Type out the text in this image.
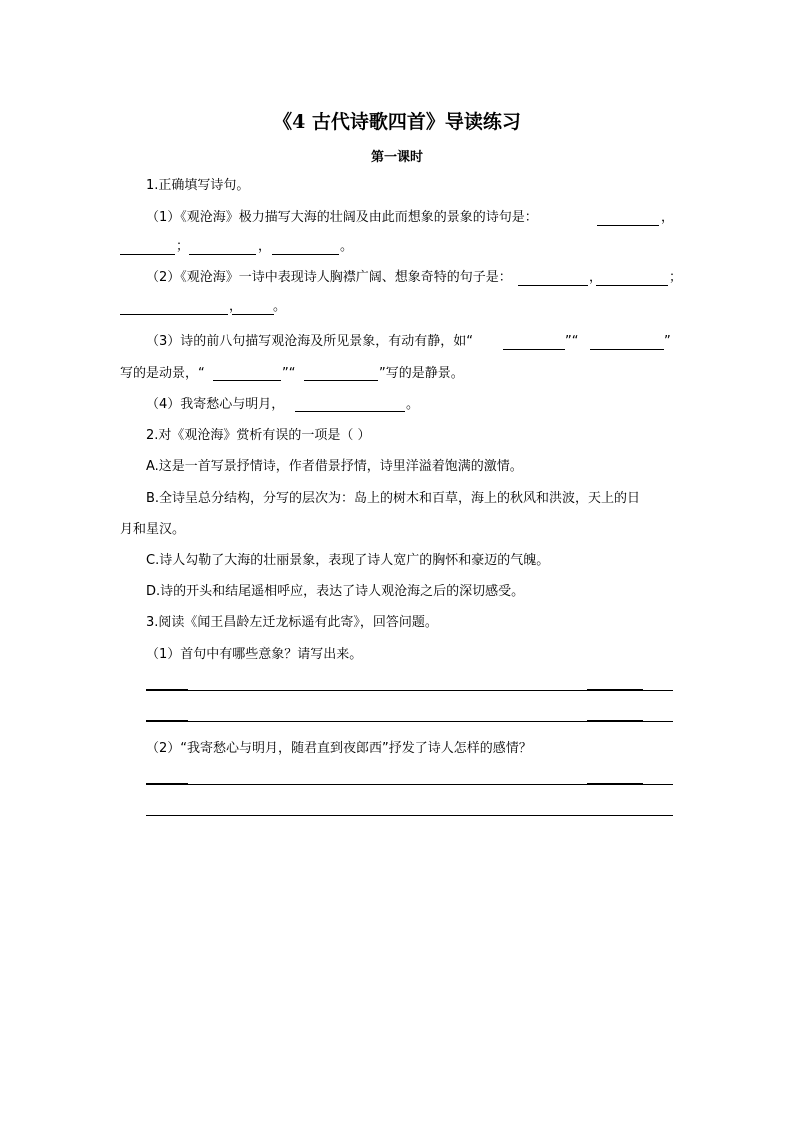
《4 古代诗歌四首》导读练习
第一课时
1.正确填写诗句。
（1）《观沧海》极力描写大海的壮阔及由此而想象的景象的诗句是：	，
；	，	。
（2）《观沧海》一诗中表现诗人胸襟广阔、想象奇特的句子是：	，	；
， 。
（3）诗的前八句描写观沧海及所见景象，有动有静，如“	”“	”
写的是动景，“	”“	”写的是静景。
（4）我寄愁心与明月，	。
2.对《观沧海》赏析有误的一项是（ ）
A.这是一首写景抒情诗，作者借景抒情，诗里洋溢着饱满的激情。
B.全诗呈总分结构，分写的层次为：岛上的树木和百草，海上的秋风和洪波，天上的日
月和星汉。
C.诗人勾勒了大海的壮丽景象，表现了诗人宽广的胸怀和豪迈的气魄。
D.诗的开头和结尾遥相呼应，表达了诗人观沧海之后的深切感受。
3.阅读《闻王昌龄左迁龙标遥有此寄》，回答问题。
（1）首句中有哪些意象？请写出来。
（2）“我寄愁心与明月，随君直到夜郎西”抒发了诗人怎样的感情？
